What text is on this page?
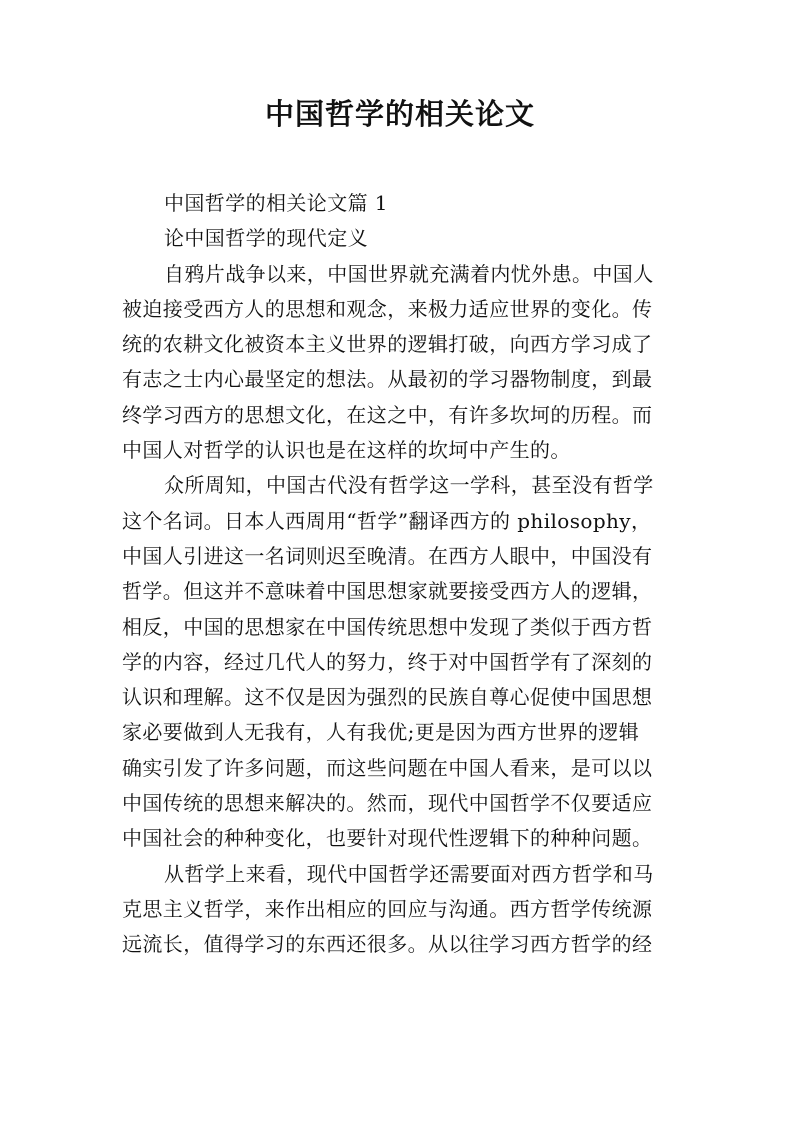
中国哲学的相关论文
中国哲学的相关论文篇 1
论中国哲学的现代定义
自鸦片战争以来，中国世界就充满着内忧外患。中国人
被迫接受西方人的思想和观念，来极力适应世界的变化。传
统的农耕文化被资本主义世界的逻辑打破，向西方学习成了
有志之士内心最坚定的想法。从最初的学习器物制度，到最
终学习西方的思想文化，在这之中，有许多坎坷的历程。而
中国人对哲学的认识也是在这样的坎坷中产生的。
众所周知，中国古代没有哲学这一学科，甚至没有哲学
这个名词。日本人西周用“哲学”翻译西方的 philosophy，
中国人引进这一名词则迟至晚清。在西方人眼中，中国没有
哲学。但这并不意味着中国思想家就要接受西方人的逻辑，
相反，中国的思想家在中国传统思想中发现了类似于西方哲
学的内容，经过几代人的努力，终于对中国哲学有了深刻的
认识和理解。这不仅是因为强烈的民族自尊心促使中国思想
家必要做到人无我有，人有我优;更是因为西方世界的逻辑
确实引发了许多问题，而这些问题在中国人看来，是可以以
中国传统的思想来解决的。然而，现代中国哲学不仅要适应
中国社会的种种变化，也要针对现代性逻辑下的种种问题。
从哲学上来看，现代中国哲学还需要面对西方哲学和马
克思主义哲学，来作出相应的回应与沟通。西方哲学传统源
远流长，值得学习的东西还很多。从以往学习西方哲学的经
